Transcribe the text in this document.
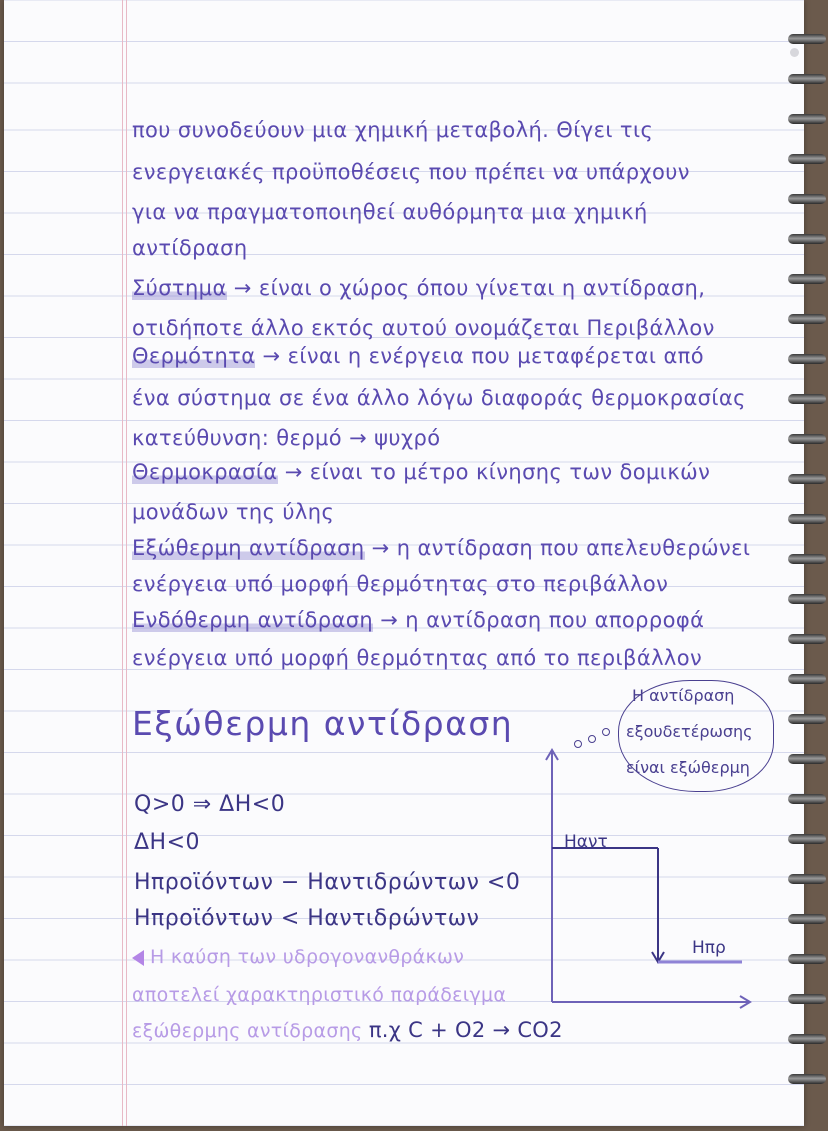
που συνοδεύουν μια χημική μεταβολή. Θίγει τις
ενεργειακές προϋποθέσεις που πρέπει να υπάρχουν
για να πραγματοποιηθεί αυθόρμητα μια χημική
αντίδραση
Σύστημα → είναι ο χώρος όπου γίνεται η αντίδραση,
οτιδήποτε άλλο εκτός αυτού ονομάζεται Περιβάλλον
Θερμότητα → είναι η ενέργεια που μεταφέρεται από
ένα σύστημα σε ένα άλλο λόγω διαφοράς θερμοκρασίας
κατεύθυνση: θερμό → ψυχρό
Θερμοκρασία → είναι το μέτρο κίνησης των δομικών
μονάδων της ύλης
Εξώθερμη αντίδραση → η αντίδραση που απελευθερώνει
ενέργεια υπό μορφή θερμότητας στο περιβάλλον
Ενδόθερμη αντίδραση → η αντίδραση που απορροφά
ενέργεια υπό μορφή θερμότητας από το περιβάλλον
Εξώθερμη αντίδραση
Q>0 ⇒ ΔH<0
ΔH<0
Hπροϊόντων − Hαντιδρώντων <0
Hπροϊόντων < Hαντιδρώντων
Η καύση των υδρογονανθράκων
αποτελεί χαρακτηριστικό παράδειγμα
εξώθερμης αντίδρασης π.χ C + O2 → CO2
Η αντίδραση
εξουδετέρωσης
είναι εξώθερμη
Hαντ
Hπρ
